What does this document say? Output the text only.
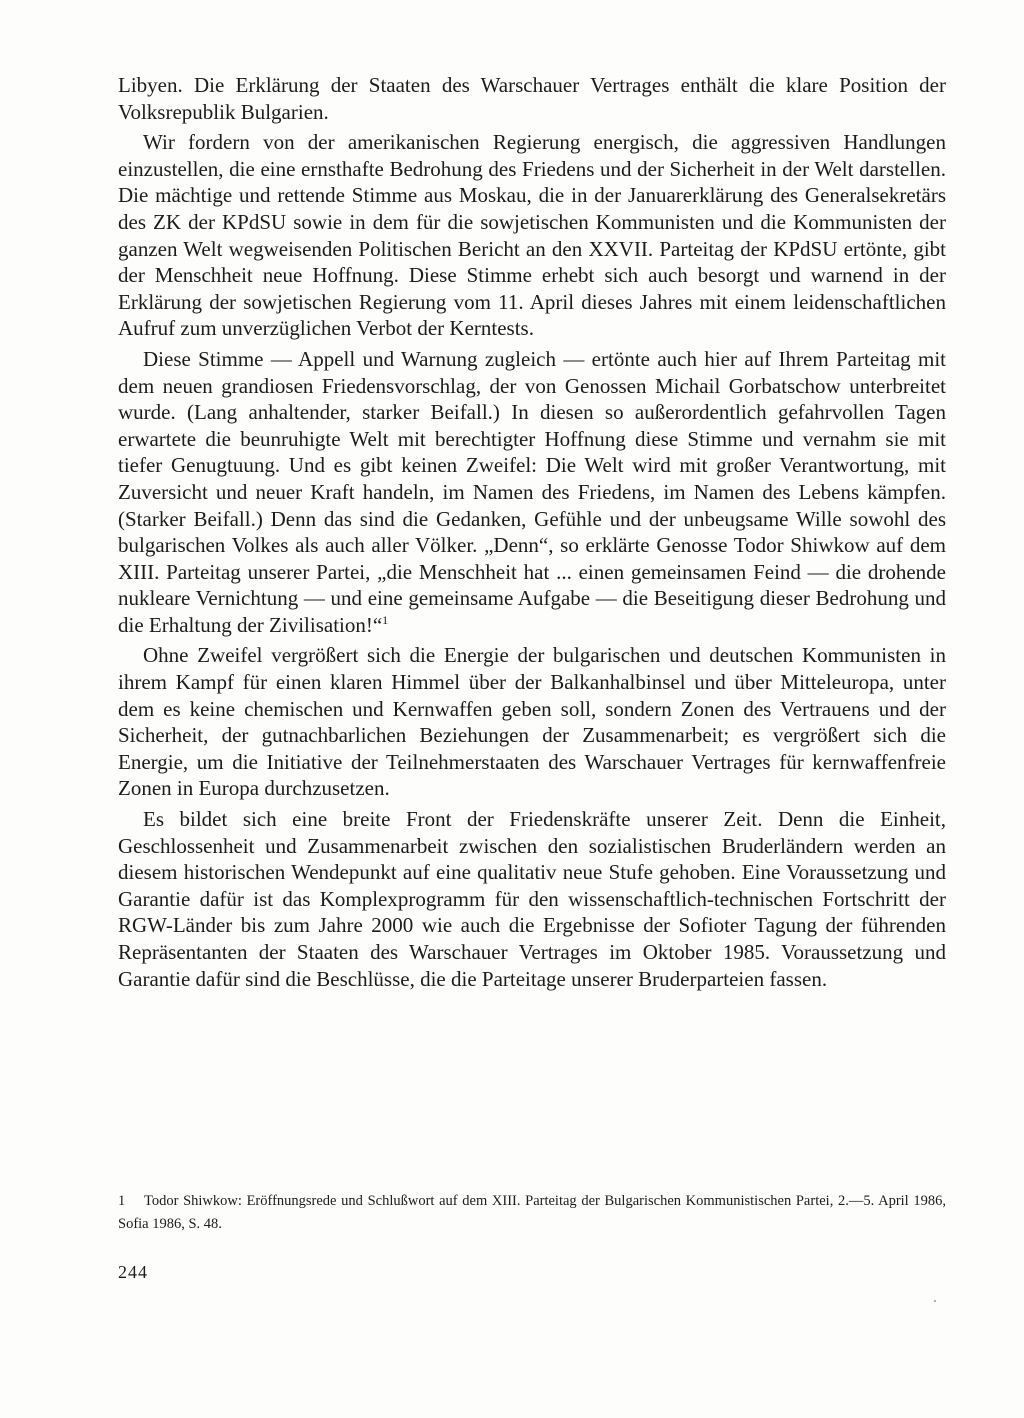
Libyen. Die Erklärung der Staaten des Warschauer Vertrages enthält die klare Position der Volksrepublik Bulgarien.

Wir fordern von der amerikanischen Regierung energisch, die aggressiven Handlungen einzustellen, die eine ernsthafte Bedrohung des Friedens und der Sicherheit in der Welt darstellen. Die mächtige und rettende Stimme aus Moskau, die in der Januarerklärung des Generalsekretärs des ZK der KPdSU sowie in dem für die sowjetischen Kommunisten und die Kommunisten der ganzen Welt wegweisenden Politischen Bericht an den XXVII. Parteitag der KPdSU ertönte, gibt der Menschheit neue Hoffnung. Diese Stimme erhebt sich auch besorgt und warnend in der Erklärung der sowjetischen Regierung vom 11. April dieses Jahres mit einem leidenschaftlichen Aufruf zum unverzüglichen Verbot der Kerntests.

Diese Stimme — Appell und Warnung zugleich — ertönte auch hier auf Ihrem Parteitag mit dem neuen grandiosen Friedensvorschlag, der von Genossen Michail Gorbatschow unterbreitet wurde. (Lang anhaltender, starker Beifall.) In diesen so außerordentlich gefahrvollen Tagen erwartete die beunruhigte Welt mit berechtigter Hoffnung diese Stimme und vernahm sie mit tiefer Genugtuung. Und es gibt keinen Zweifel: Die Welt wird mit großer Verantwortung, mit Zuversicht und neuer Kraft handeln, im Namen des Friedens, im Namen des Lebens kämpfen. (Starker Beifall.) Denn das sind die Gedanken, Gefühle und der unbeugsame Wille sowohl des bulgarischen Volkes als auch aller Völker. „Denn“, so erklärte Genosse Todor Shiwkow auf dem XIII. Parteitag unserer Partei, „die Menschheit hat ... einen gemeinsamen Feind — die drohende nukleare Vernichtung — und eine gemeinsame Aufgabe — die Beseitigung dieser Bedrohung und die Erhaltung der Zivilisation!“$^1$

Ohne Zweifel vergrößert sich die Energie der bulgarischen und deutschen Kommunisten in ihrem Kampf für einen klaren Himmel über der Balkanhalbinsel und über Mitteleuropa, unter dem es keine chemischen und Kernwaffen geben soll, sondern Zonen des Vertrauens und der Sicherheit, der gutnachbarlichen Beziehungen der Zusammenarbeit; es vergrößert sich die Energie, um die Initiative der Teilnehmerstaaten des Warschauer Vertrages für kernwaffenfreie Zonen in Europa durchzusetzen.

Es bildet sich eine breite Front der Friedenskräfte unserer Zeit. Denn die Einheit, Geschlossenheit und Zusammenarbeit zwischen den sozialistischen Bruderländern werden an diesem historischen Wendepunkt auf eine qualitativ neue Stufe gehoben. Eine Voraussetzung und Garantie dafür ist das Komplexprogramm für den wissenschaftlich-technischen Fortschritt der RGW-Länder bis zum Jahre 2000 wie auch die Ergebnisse der Sofioter Tagung der führenden Repräsentanten der Staaten des Warschauer Vertrages im Oktober 1985. Voraussetzung und Garantie dafür sind die Beschlüsse, die die Parteitage unserer Bruderparteien fassen.

1 Todor Shiwkow: Eröffnungsrede und Schlußwort auf dem XIII. Parteitag der Bulgarischen Kommunistischen Partei, 2.—5. April 1986, Sofia 1986, S. 48.
244
